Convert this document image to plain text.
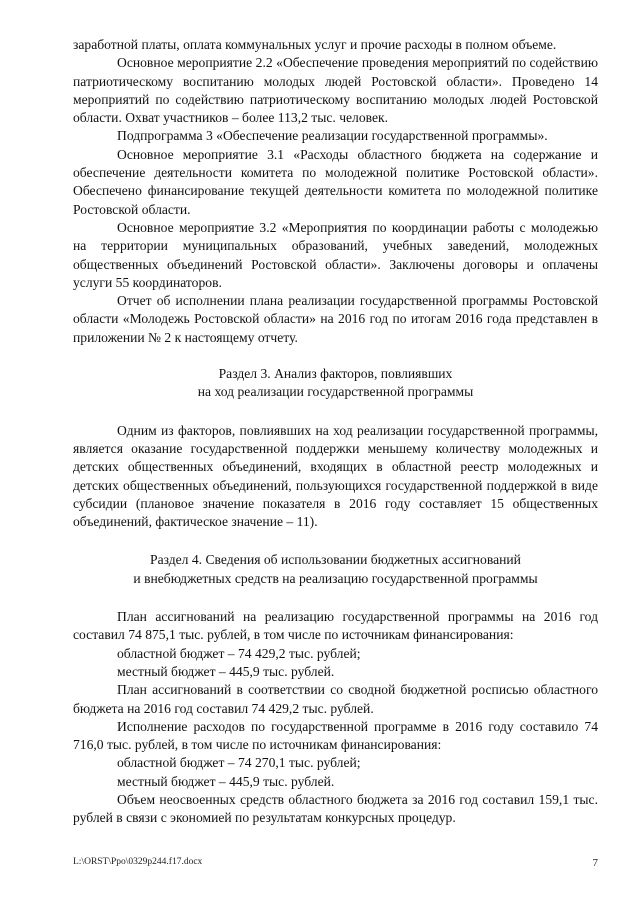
заработной платы, оплата коммунальных услуг и прочие расходы в полном объеме.

Основное мероприятие 2.2 «Обеспечение проведения мероприятий по содействию патриотическому воспитанию молодых людей Ростовской области». Проведено 14 мероприятий по содействию патриотическому воспитанию молодых людей Ростовской области. Охват участников – более 113,2 тыс. человек.

Подпрограмма 3 «Обеспечение реализации государственной программы».

Основное мероприятие 3.1 «Расходы областного бюджета на содержание и обеспечение деятельности комитета по молодежной политике Ростовской области». Обеспечено финансирование текущей деятельности комитета по молодежной политике Ростовской области.

Основное мероприятие 3.2 «Мероприятия по координации работы с молодежью на территории муниципальных образований, учебных заведений, молодежных общественных объединений Ростовской области». Заключены договоры и оплачены услуги 55 координаторов.

Отчет об исполнении плана реализации государственной программы Ростовской области «Молодежь Ростовской области» на 2016 год по итогам 2016 года представлен в приложении № 2 к настоящему отчету.

Раздел 3. Анализ факторов, повлиявших

на ход реализации государственной программы

Одним из факторов, повлиявших на ход реализации государственной программы, является оказание государственной поддержки меньшему количеству молодежных и детских общественных объединений, входящих в областной реестр молодежных и детских общественных объединений, пользующихся государственной поддержкой в виде субсидии (плановое значение показателя в 2016 году составляет 15 общественных объединений, фактическое значение – 11).

Раздел 4. Сведения об использовании бюджетных ассигнований

и внебюджетных средств на реализацию государственной программы

План ассигнований на реализацию государственной программы на 2016 год составил 74 875,1 тыс. рублей, в том числе по источникам финансирования:

областной бюджет – 74 429,2 тыс. рублей;

местный бюджет – 445,9 тыс. рублей.

План ассигнований в соответствии со сводной бюджетной росписью областного бюджета на 2016 год составил 74 429,2 тыс. рублей.

Исполнение расходов по государственной программе в 2016 году составило 74 716,0 тыс. рублей, в том числе по источникам финансирования:

областной бюджет – 74 270,1 тыс. рублей;

местный бюджет – 445,9 тыс. рублей.

Объем неосвоенных средств областного бюджета за 2016 год составил 159,1 тыс. рублей в связи с экономией по результатам конкурсных процедур.

L:\ORST\Ppo\0329p244.f17.docx	7
